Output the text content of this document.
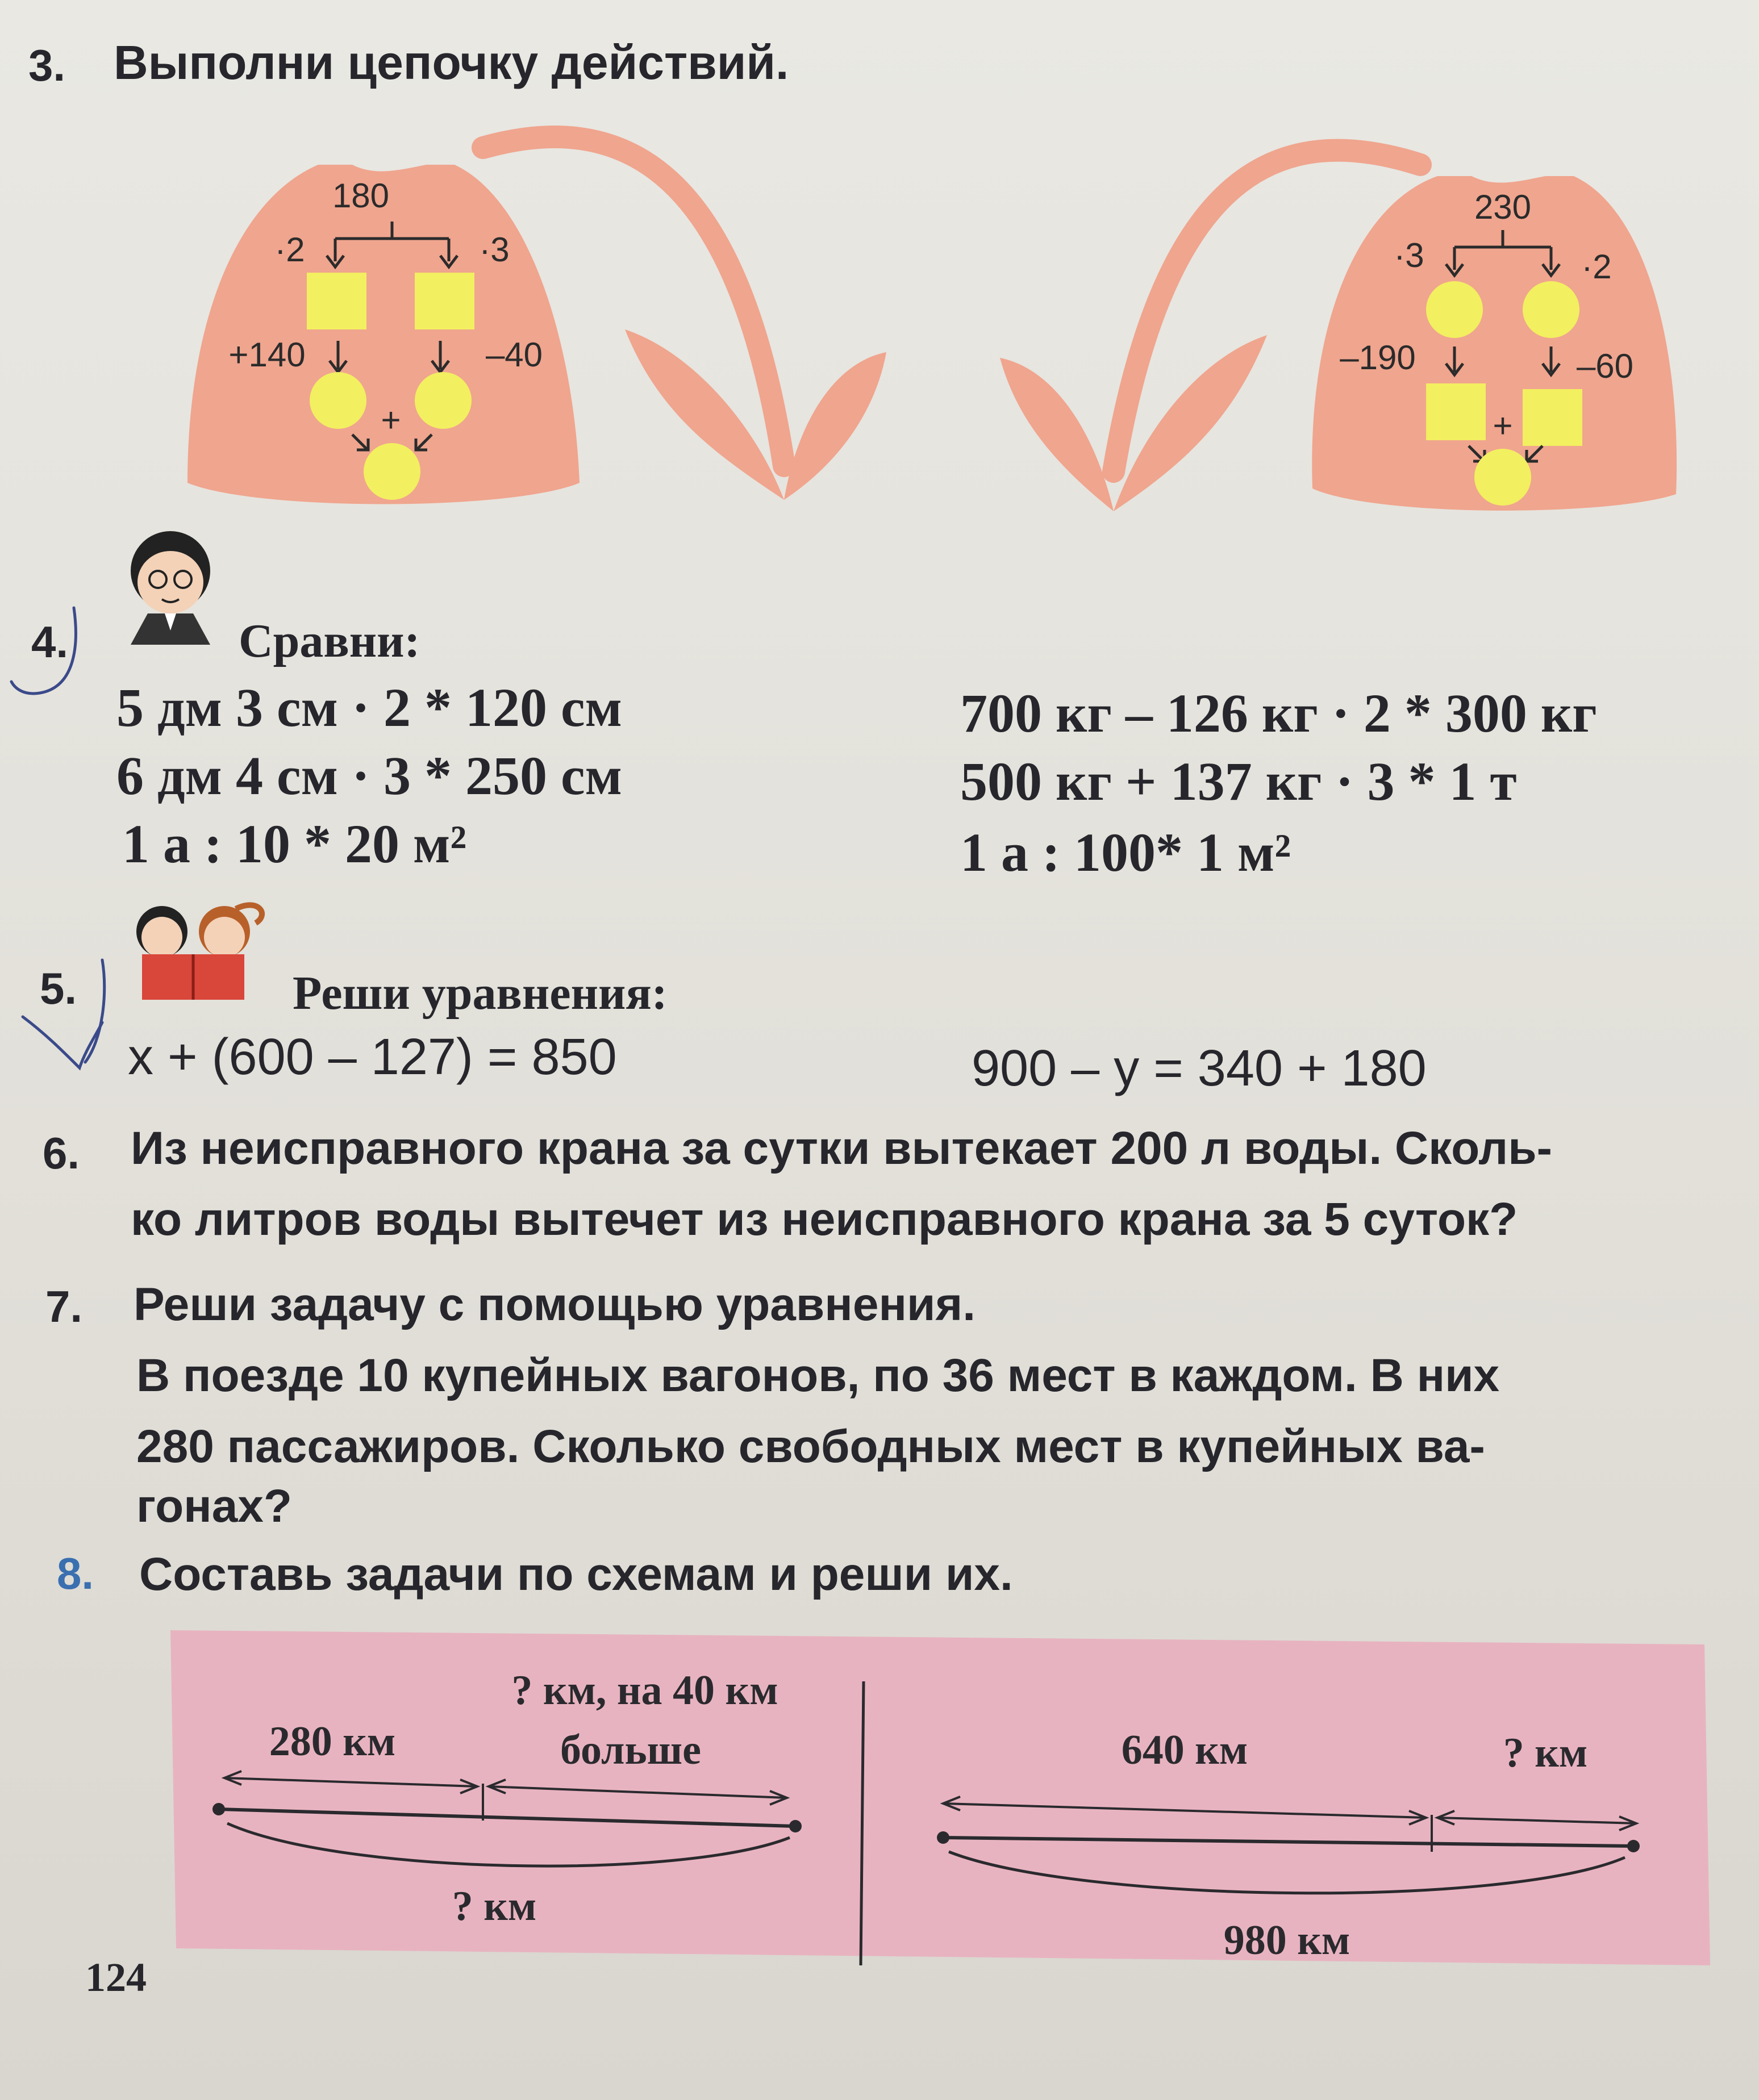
3. Выполни цепочку действий.
180
·2	·3
+140	–40
+
230
·3	·2
–190	–60
+
4.	Сравни:
5 дм 3 см · 2 * 120 см
6 дм 4 см · 3 * 250 см
1 а : 10 * 20 м²
700 кг – 126 кг · 2 * 300 кг
500 кг + 137 кг · 3 * 1 т
1 а : 100* 1 м²
5.	Реши уравнения:
x + (600 – 127) = 850	900 – y = 340 + 180
6. Из неисправного крана за сутки вытекает 200 л воды. Сколь-
ко литров воды вытечет из неисправного крана за 5 суток?
7. Реши задачу с помощью уравнения.
В поезде 10 купейных вагонов, по 36 мест в каждом. В них
280 пассажиров. Сколько свободных мест в купейных ва-
гонах?
8. Составь задачи по схемам и реши их.
? км, на 40 км
280 км	больше
? км
640 км	? км
980 км
124
